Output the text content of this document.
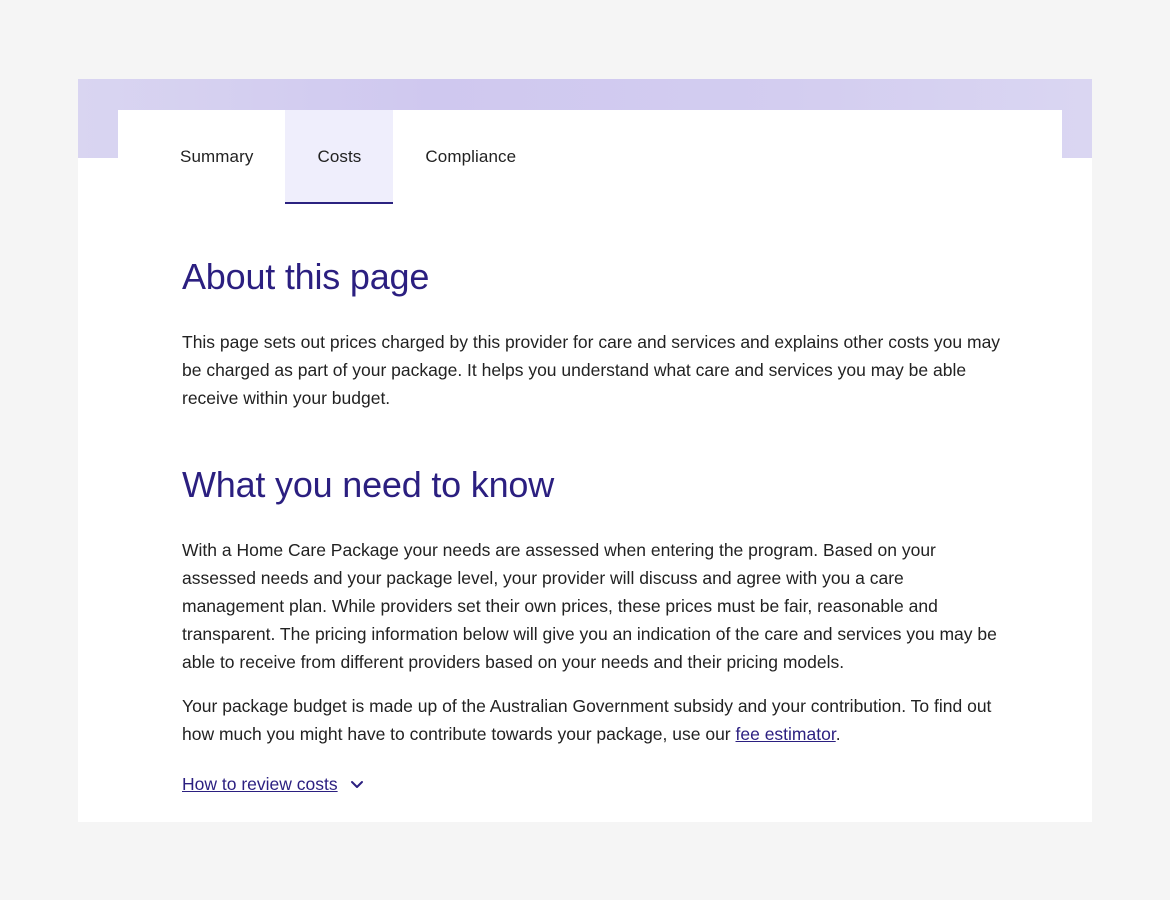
Summary	Costs	Compliance
About this page

This page sets out prices charged by this provider for care and services and explains other costs you may be charged as part of your package. It helps you understand what care and services you may be able receive within your budget.

What you need to know

With a Home Care Package your needs are assessed when entering the program. Based on your assessed needs and your package level, your provider will discuss and agree with you a care management plan. While providers set their own prices, these prices must be fair, reasonable and transparent. The pricing information below will give you an indication of the care and services you may be able to receive from different providers based on your needs and their pricing models.

Your package budget is made up of the Australian Government subsidy and your contribution. To find out how much you might have to contribute towards your package, use our fee estimator.

How to review costs
